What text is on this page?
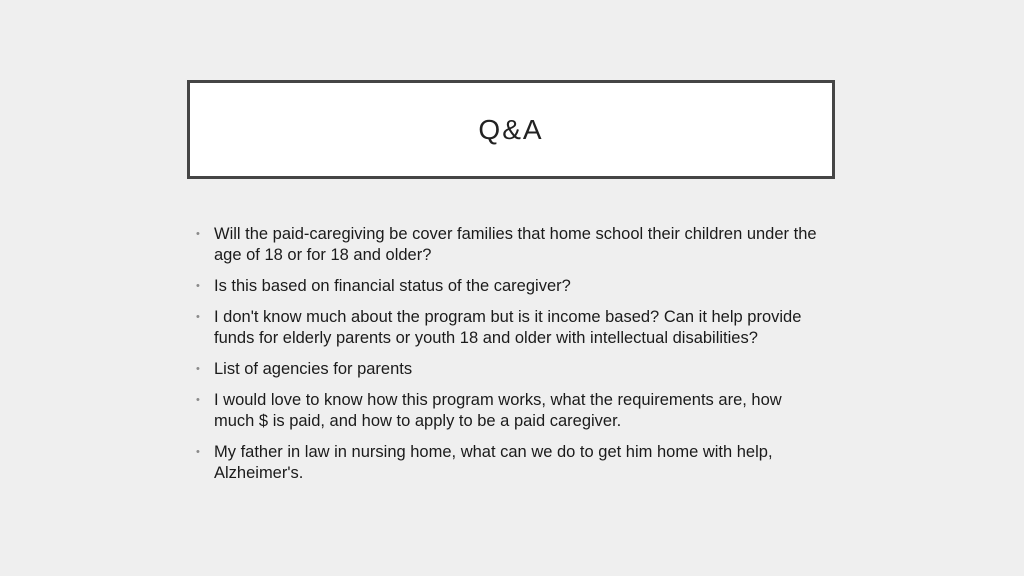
Q&A
• Will the paid-caregiving be cover families that home school their children under the age of 18 or for 18 and older?
• Is this based on financial status of the caregiver?
• I don't know much about the program but is it income based? Can it help provide funds for elderly parents or youth 18 and older with intellectual disabilities?
• List of agencies for parents
• I would love to know how this program works, what the requirements are, how much $ is paid, and how to apply to be a paid caregiver.
• My father in law in nursing home, what can we do to get him home with help, Alzheimer's.
